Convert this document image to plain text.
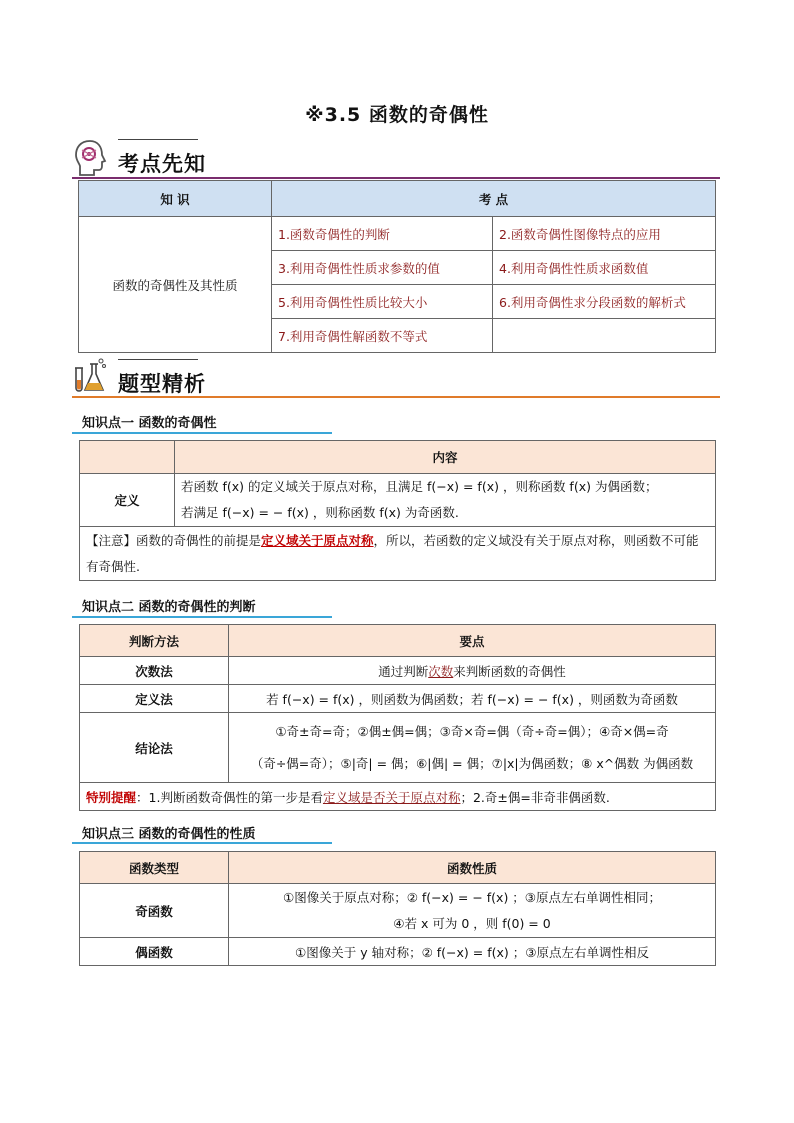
※3.5 函数的奇偶性
考点先知
知 识	考 点	
函数的奇偶性及其性质	1.函数奇偶性的判断	2.函数奇偶性图像特点的应用
	3.利用奇偶性性质求参数的值	4.利用奇偶性性质求函数值
	5.利用奇偶性性质比较大小	6.利用奇偶性求分段函数的解析式
	7.利用奇偶性解函数不等式	
题型精析
知识点一 函数的奇偶性
	内容
定义	若函数 f(x) 的定义域关于原点对称，且满足 f(−x) = f(x) ，则称函数 f(x) 为偶函数；
若满足 f(−x) = − f(x) ，则称函数 f(x) 为奇函数.

【注意】函数的奇偶性的前提是定义域关于原点对称，所以，若函数的定义域没有关于原点对称，则函数不可能有奇偶性.	
知识点二 函数的奇偶性的判断
判断方法	要点
次数法	通过判断次数来判断函数的奇偶性
定义法	若 f(−x) = f(x) ，则函数为偶函数；若 f(−x) = − f(x) ，则函数为奇函数
结论法	①奇±奇=奇；②偶±偶=偶；③奇×奇=偶（奇÷奇=偶）；④奇×偶=奇
（奇÷偶=奇）；⑤|奇| = 偶；⑥|偶| = 偶；⑦|x|为偶函数；⑧ x^偶数 为偶函数

特别提醒：1.判断函数奇偶性的第一步是看定义域是否关于原点对称；2.奇±偶=非奇非偶函数.	
知识点三 函数的奇偶性的性质
函数类型	函数性质
奇函数	①图像关于原点对称；② f(−x) = − f(x) ；③原点左右单调性相同；
④若 x 可为 0 ，则 f(0) = 0

偶函数	①图像关于 y 轴对称；② f(−x) = f(x) ；③原点左右单调性相反
